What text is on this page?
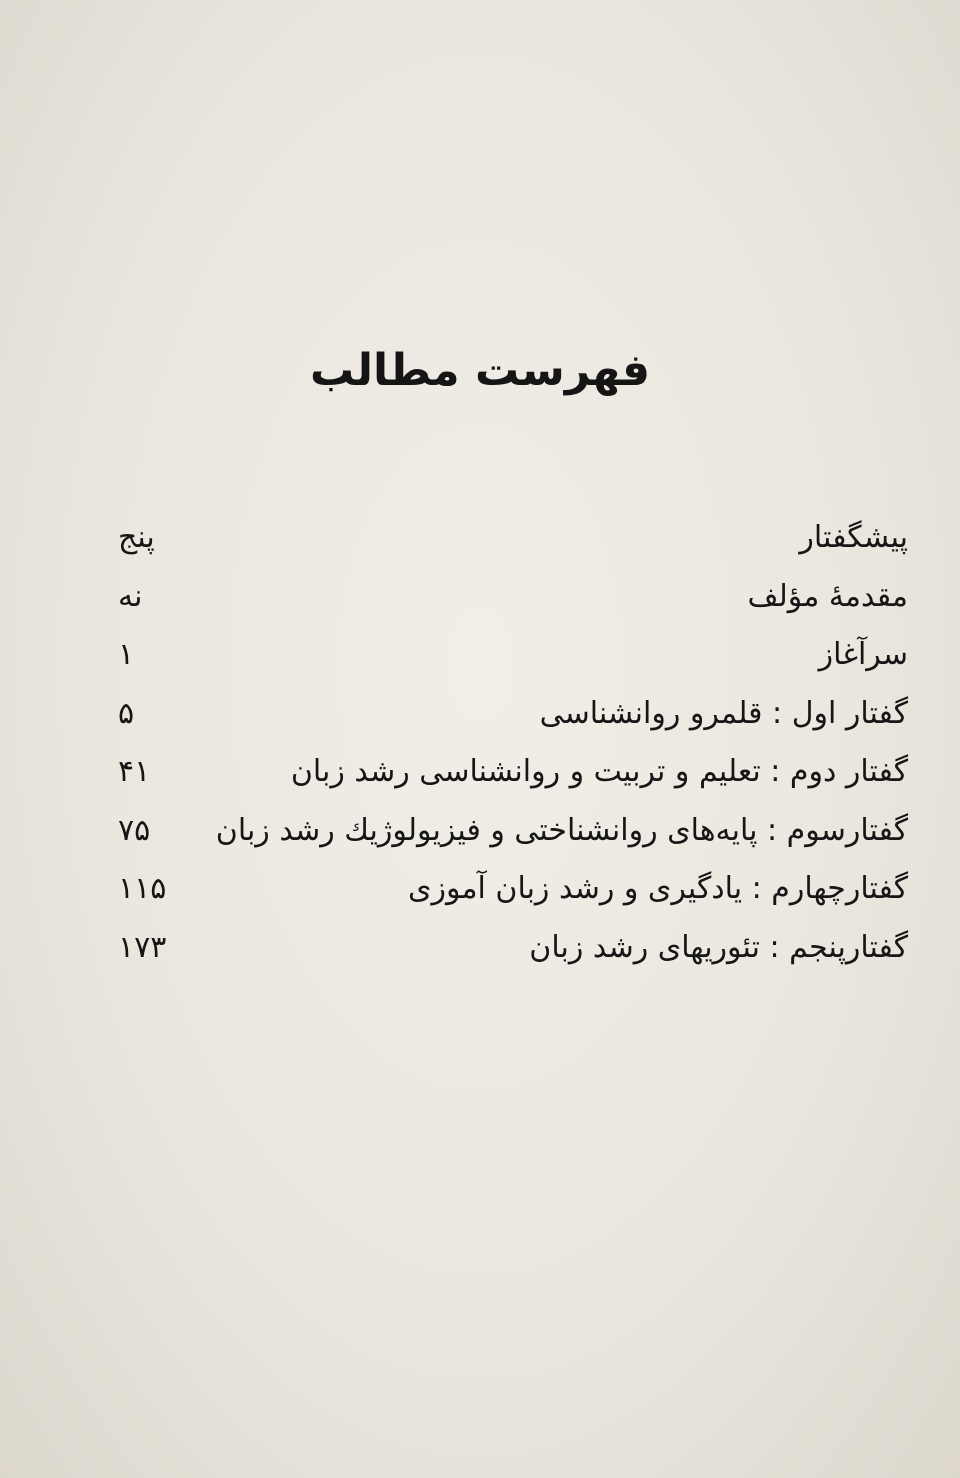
فهرست مطالب
پیشگفتار
پنج
مقدمهٔ مؤلف
نه
سرآغاز
۱
گفتار اول : قلمرو روانشناسی
۵
گفتار دوم : تعلیم و تربیت و روانشناسی رشد زبان
۴۱
گفتارسوم : پایه‌های روانشناختی و فیزیولوژیك رشد زبان
۷۵
گفتارچهارم : یادگیری و رشد زبان آموزی
۱۱۵
گفتارپنجم : تئوریهای رشد زبان
۱۷۳
